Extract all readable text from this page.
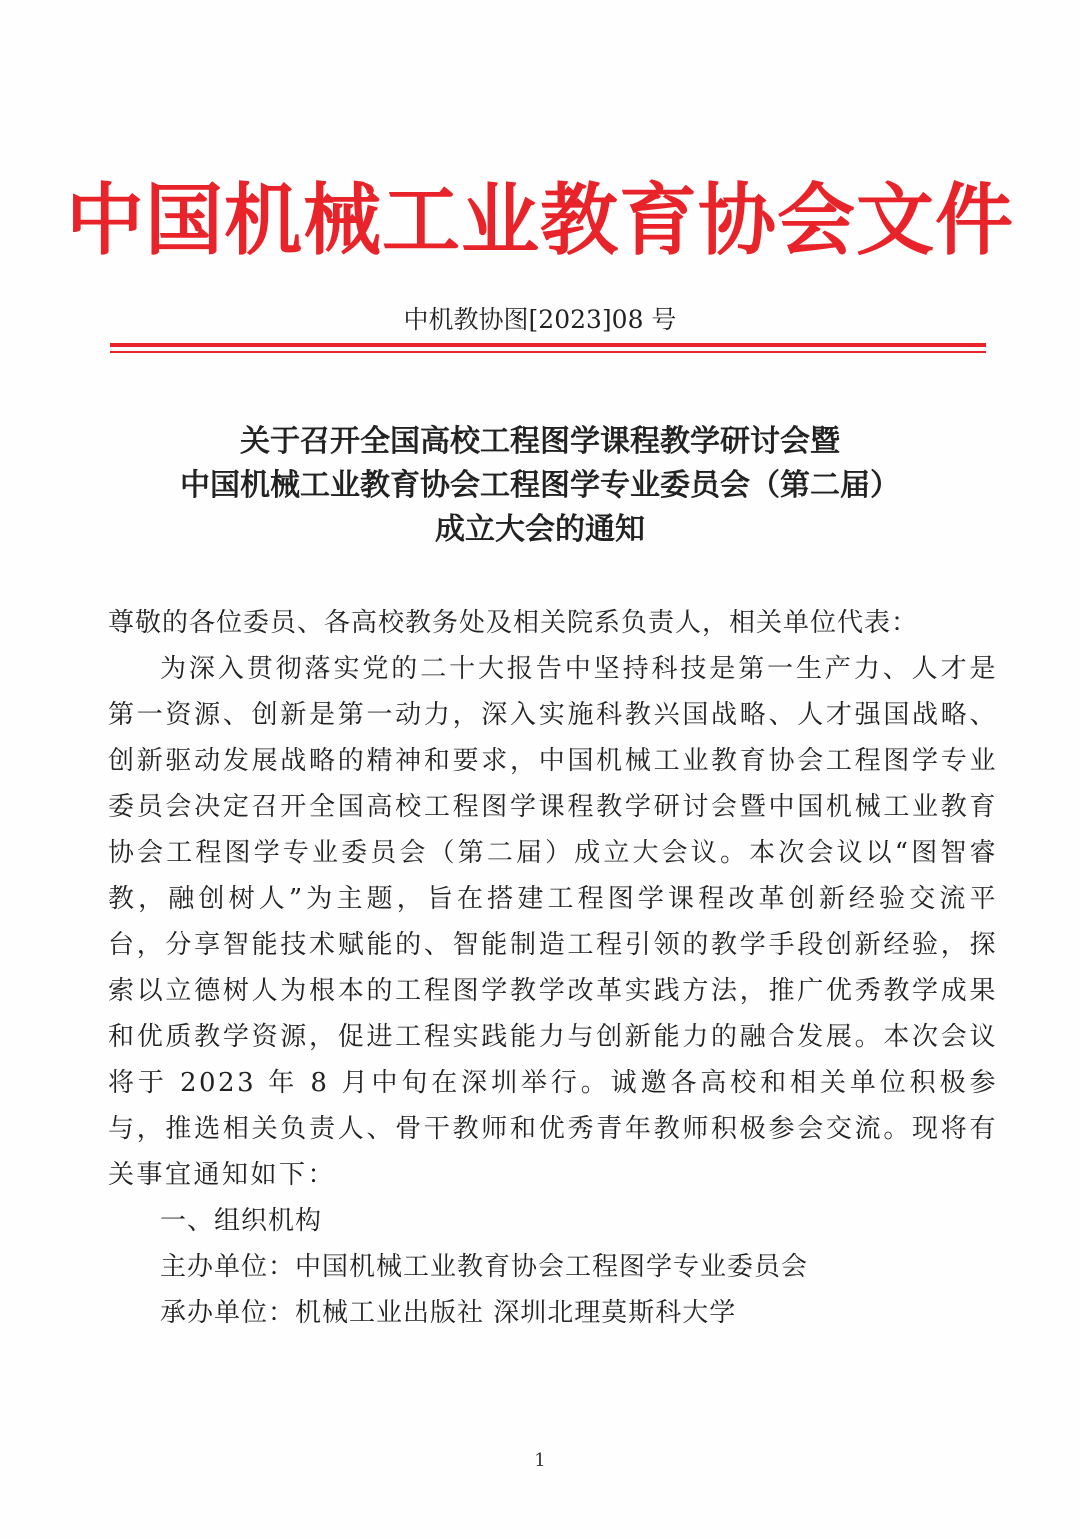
中国机械工业教育协会文件
中机教协图[2023]08 号
关于召开全国高校工程图学课程教学研讨会暨
中国机械工业教育协会工程图学专业委员会（第二届）
成立大会的通知
尊敬的各位委员、各高校教务处及相关院系负责人，相关单位代表：
为深入贯彻落实党的二十大报告中坚持科技是第一生产力、人才是第一资源、创新是第一动力，深入实施科教兴国战略、人才强国战略、创新驱动发展战略的精神和要求，中国机械工业教育协会工程图学专业委员会决定召开全国高校工程图学课程教学研讨会暨中国机械工业教育协会工程图学专业委员会（第二届）成立大会议。本次会议以“图智睿教，融创树人”为主题，旨在搭建工程图学课程改革创新经验交流平台，分享智能技术赋能的、智能制造工程引领的教学手段创新经验，探索以立德树人为根本的工程图学教学改革实践方法，推广优秀教学成果和优质教学资源，促进工程实践能力与创新能力的融合发展。本次会议将于 2023 年 8 月中旬在深圳举行。诚邀各高校和相关单位积极参与，推选相关负责人、骨干教师和优秀青年教师积极参会交流。现将有关事宜通知如下：
一、组织机构
主办单位：中国机械工业教育协会工程图学专业委员会
承办单位：机械工业出版社 深圳北理莫斯科大学
1
